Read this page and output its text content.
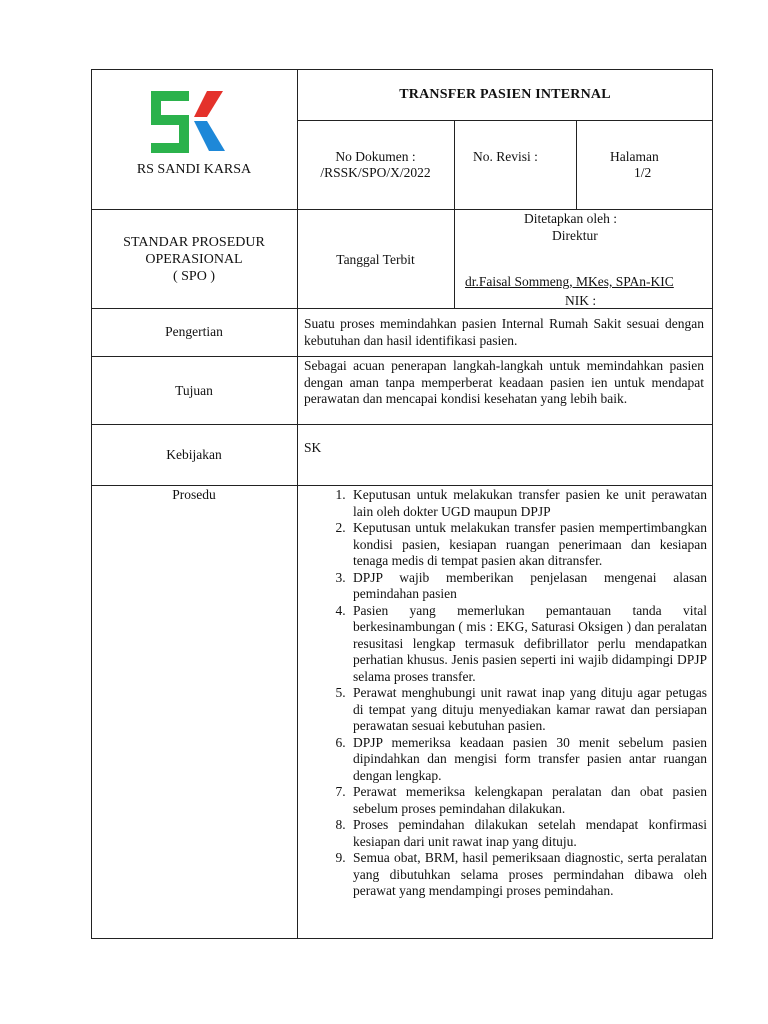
RS SANDI KARSA
TRANSFER PASIEN INTERNAL
No Dokumen :
/RSSK/SPO/X/2022
No. Revisi :	Halaman
1/2
STANDAR PROSEDUR
OPERASIONAL
( SPO )
Tanggal Terbit
Ditetapkan oleh :
Direktur
dr.Faisal Sommeng, MKes, SPAn-KIC
NIK :
Pengertian
Suatu proses memindahkan pasien Internal Rumah Sakit sesuai dengan kebutuhan dan hasil identifikasi pasien.
Tujuan
Sebagai acuan penerapan langkah-langkah untuk memindahkan pasien dengan aman tanpa memperberat keadaan pasien ien untuk mendapat perawatan dan mencapai kondisi kesehatan yang lebih baik.
Kebijakan	SK
Prosedu
1.	Keputusan untuk melakukan transfer pasien ke unit perawatan lain oleh dokter UGD maupun DPJP
2. Keputusan untuk melakukan transfer pasien mempertimbangkan kondisi pasien, kesiapan ruangan penerimaan dan kesiapan tenaga medis di tempat pasien akan ditransfer.
3. DPJP wajib memberikan penjelasan mengenai alasan pemindahan pasien
4. Pasien yang memerlukan pemantauan tanda vital berkesinambungan ( mis : EKG, Saturasi Oksigen ) dan peralatan resusitasi lengkap termasuk defibrillator perlu mendapatkan perhatian khusus. Jenis pasien seperti ini wajib didampingi DPJP selama proses transfer.
5. Perawat menghubungi unit rawat inap yang dituju agar petugas di tempat yang dituju menyediakan kamar rawat dan persiapan perawatan sesuai kebutuhan pasien.
6. DPJP memeriksa keadaan pasien 30 menit sebelum pasien dipindahkan dan mengisi form transfer pasien antar ruangan dengan lengkap.
7. Perawat memeriksa kelengkapan peralatan dan obat pasien sebelum proses pemindahan dilakukan.
8. Proses pemindahan dilakukan setelah mendapat konfirmasi kesiapan dari unit rawat inap yang dituju.
9. Semua obat, BRM, hasil pemeriksaan diagnostic, serta peralatan yang dibutuhkan selama proses permindahan dibawa oleh perawat yang mendampingi proses pemindahan.
